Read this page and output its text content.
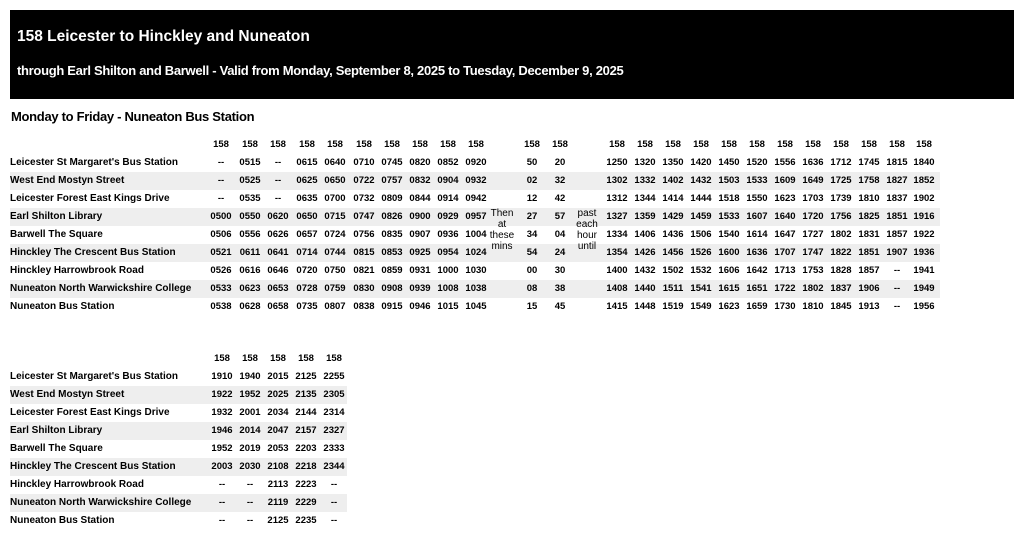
158 Leicester to Hinckley and Nuneaton
through Earl Shilton and Barwell - Valid from Monday, September 8, 2025 to Tuesday, December 9, 2025
Monday to Friday - Nuneaton Bus Station
Leicester St Margaret's Bus Station	--	0515	--	0615 0640 0710 0745 0820 0852 0920	50	20	1250 1320 1350 1420 1450 1520 1556 1636 1712 1745 1815 1840
West End Mostyn Street	--	0525	--	0625 0650 0722 0757 0832 0904 0932	02	32	1302 1332 1402 1432 1503 1533 1609 1649 1725 1758 1827 1852
Leicester Forest East Kings Drive	--	0535	--	0635 0700 0732 0809 0844 0914 0942	12	42	1312 1344 1414 1444 1518 1550 1623 1703 1739 1810 1837 1902
Earl Shilton Library	0500 0550 0620 0650 0715 0747 0826 0900 0929 0957	27	57	1327 1359 1429 1459 1533 1607 1640 1720 1756 1825 1851 1916
Barwell The Square	0506 0556 0626 0657 0724 0756 0835 0907 0936 1004	34	04	1334 1406 1436 1506 1540 1614 1647 1727 1802 1831 1857 1922
Hinckley The Crescent Bus Station	0521 0611 0641 0714 0744 0815 0853 0925 0954 1024	54	24	1354 1426 1456 1526 1600 1636 1707 1747 1822 1851 1907 1936
Hinckley Harrowbrook Road	0526 0616 0646 0720 0750 0821 0859 0931 1000 1030	00	30	1400 1432 1502 1532 1606 1642 1713 1753 1828 1857	--	1941
Nuneaton North Warwickshire College	0533 0623 0653 0728 0759 0830 0908 0939 1008 1038	08	38	1408 1440 1511 1541 1615 1651 1722 1802 1837 1906	--	1949
Nuneaton Bus Station	0538 0628 0658 0735 0807 0838 0915 0946 1015 1045	15	45	1415 1448 1519 1549 1623 1659 1730 1810 1845 1913	--	1956
158	158	158	158	158	158	158	158	158	158	158	158	158	158	158	158	158	158	158	158	158	158	158	158
Leicester St Margaret's Bus Station	1910 1940 2015 2125 2255
West End Mostyn Street	1922 1952 2025 2135 2305
Leicester Forest East Kings Drive	1932 2001 2034 2144 2314
Earl Shilton Library	1946 2014 2047 2157 2327
Barwell The Square	1952 2019 2053 2203 2333
Hinckley The Crescent Bus Station	2003 2030 2108 2218 2344
Hinckley Harrowbrook Road	--	--	2113 2223	--
Nuneaton North Warwickshire College	--	--	2119 2229	--
Nuneaton Bus Station	--	--	2125 2235	--
158	158	158	158	158
Then at these mins
past each hour until
